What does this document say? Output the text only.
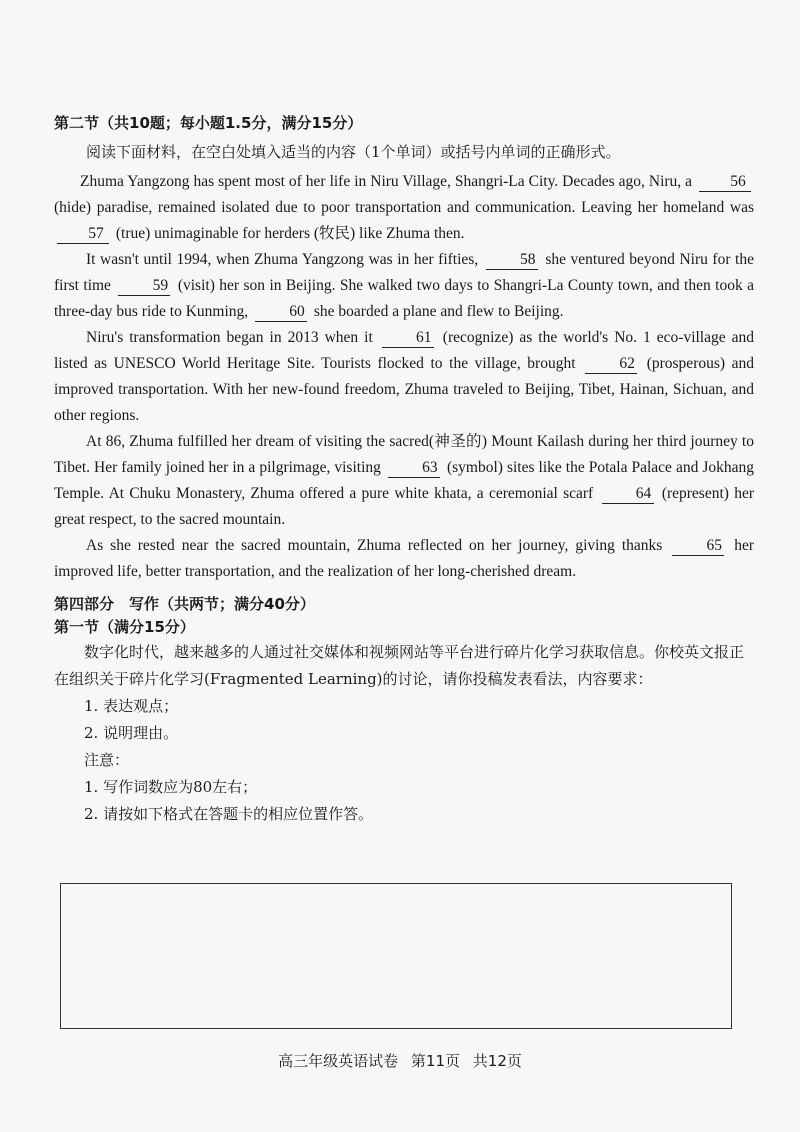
第二节（共10题；每小题1.5分，满分15分）

阅读下面材料，在空白处填入适当的内容（1个单词）或括号内单词的正确形式。

Zhuma Yangzong has spent most of her life in Niru Village, Shangri-La City. Decades ago, Niru, a 56 (hide) paradise, remained isolated due to poor transportation and communication. Leaving her homeland was 57 (true) unimaginable for herders (牧民) like Zhuma then.

It wasn't until 1994, when Zhuma Yangzong was in her fifties,	58 she ventured beyond Niru for the first time	59 (visit) her son in Beijing. She walked two days to Shangri-La County town, and then took a three-day bus ride to Kunming,	60 she boarded a plane and flew to Beijing.

Niru's transformation began in 2013 when it	61 (recognize) as the world's No. 1 eco-village and listed as UNESCO World Heritage Site. Tourists flocked to the village, brought	62 (prosperous) and improved transportation. With her new-found freedom, Zhuma traveled to Beijing, Tibet, Hainan, Sichuan, and other regions.

At 86, Zhuma fulfilled her dream of visiting the sacred(神圣的) Mount Kailash during her third journey to Tibet. Her family joined her in a pilgrimage, visiting	63 (symbol) sites like the Potala Palace and Jokhang Temple. At Chuku Monastery, Zhuma offered a pure white khata, a ceremonial scarf	64 (represent) her great respect, to the sacred mountain.

As she rested near the sacred mountain, Zhuma reflected on her journey, giving thanks	65 her improved life, better transportation, and the realization of her long-cherished dream.

第四部分　写作（共两节；满分40分）
第一节（满分15分）

数字化时代，越来越多的人通过社交媒体和视频网站等平台进行碎片化学习获取信息。你校英文报正在组织关于碎片化学习(Fragmented Learning)的讨论，请你投稿发表看法，内容要求：

1. 表达观点；

2. 说明理由。

注意：

1. 写作词数应为80左右；

2. 请按如下格式在答题卡的相应位置作答。

高三年级英语试卷 第11页 共12页
